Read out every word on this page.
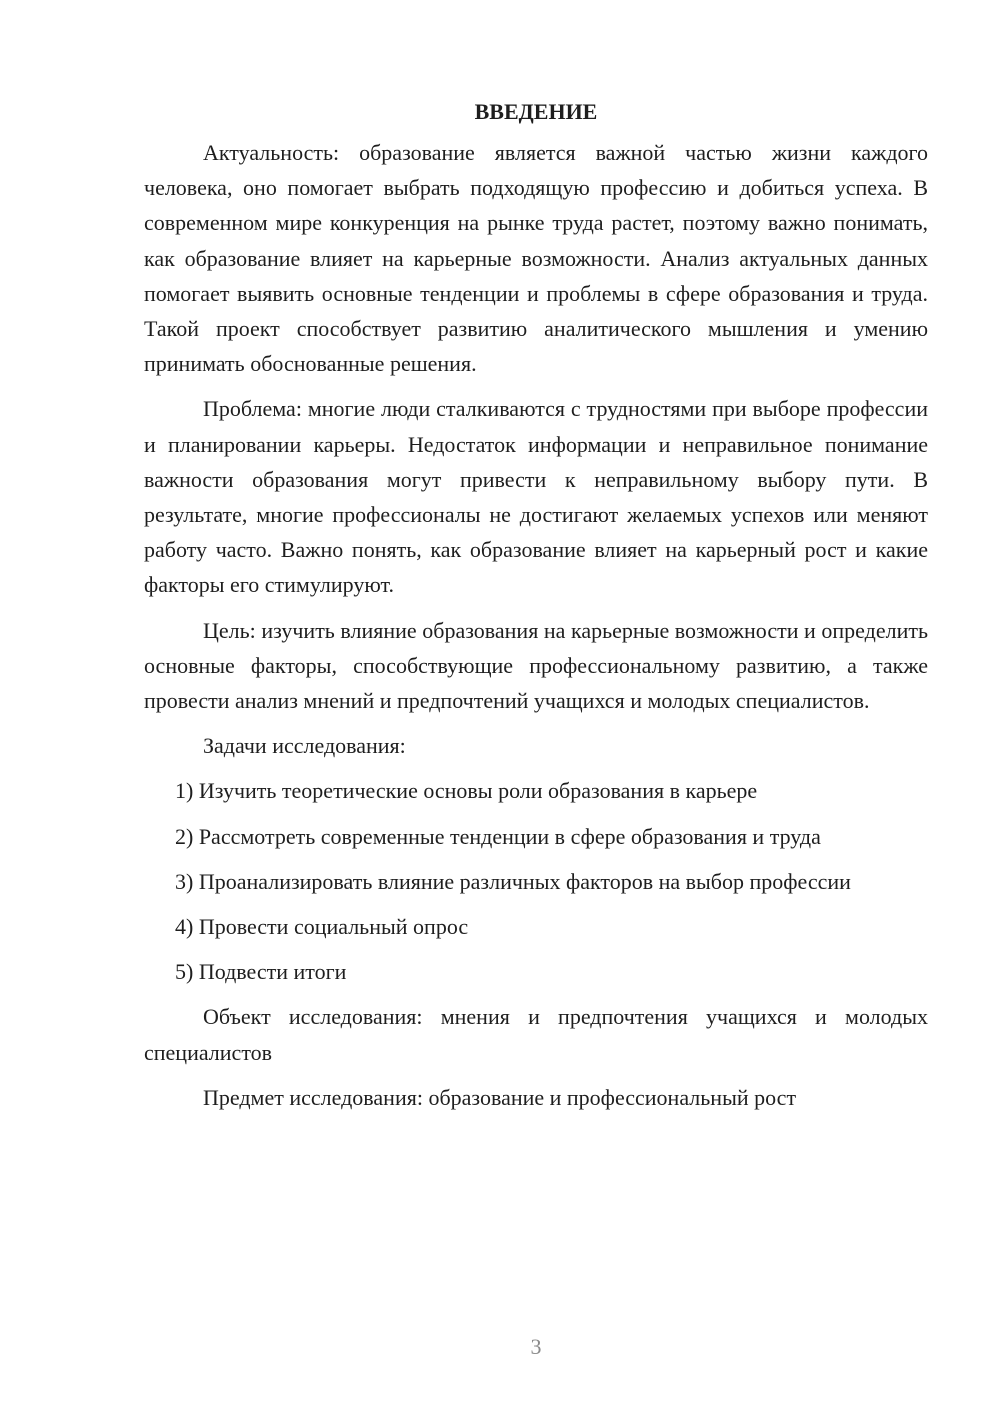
ВВЕДЕНИЕ

Актуальность: образование является важной частью жизни каждого человека, оно помогает выбрать подходящую профессию и добиться успеха. В современном мире конкуренция на рынке труда растет, поэтому важно понимать, как образование влияет на карьерные возможности. Анализ актуальных данных помогает выявить основные тенденции и проблемы в сфере образования и труда. Такой проект способствует развитию аналитического мышления и умению принимать обоснованные решения.

Проблема: многие люди сталкиваются с трудностями при выборе профессии и планировании карьеры. Недостаток информации и неправильное понимание важности образования могут привести к неправильному выбору пути. В результате, многие профессионалы не достигают желаемых успехов или меняют работу часто. Важно понять, как образование влияет на карьерный рост и какие факторы его стимулируют.

Цель: изучить влияние образования на карьерные возможности и определить основные факторы, способствующие профессиональному развитию, а также провести анализ мнений и предпочтений учащихся и молодых специалистов.

Задачи исследования:

1) Изучить теоретические основы роли образования в карьере

2) Рассмотреть современные тенденции в сфере образования и труда

3) Проанализировать влияние различных факторов на выбор профессии

4) Провести социальный опрос

5) Подвести итоги

Объект исследования: мнения и предпочтения учащихся и молодых специалистов

Предмет исследования: образование и профессиональный рост

3
